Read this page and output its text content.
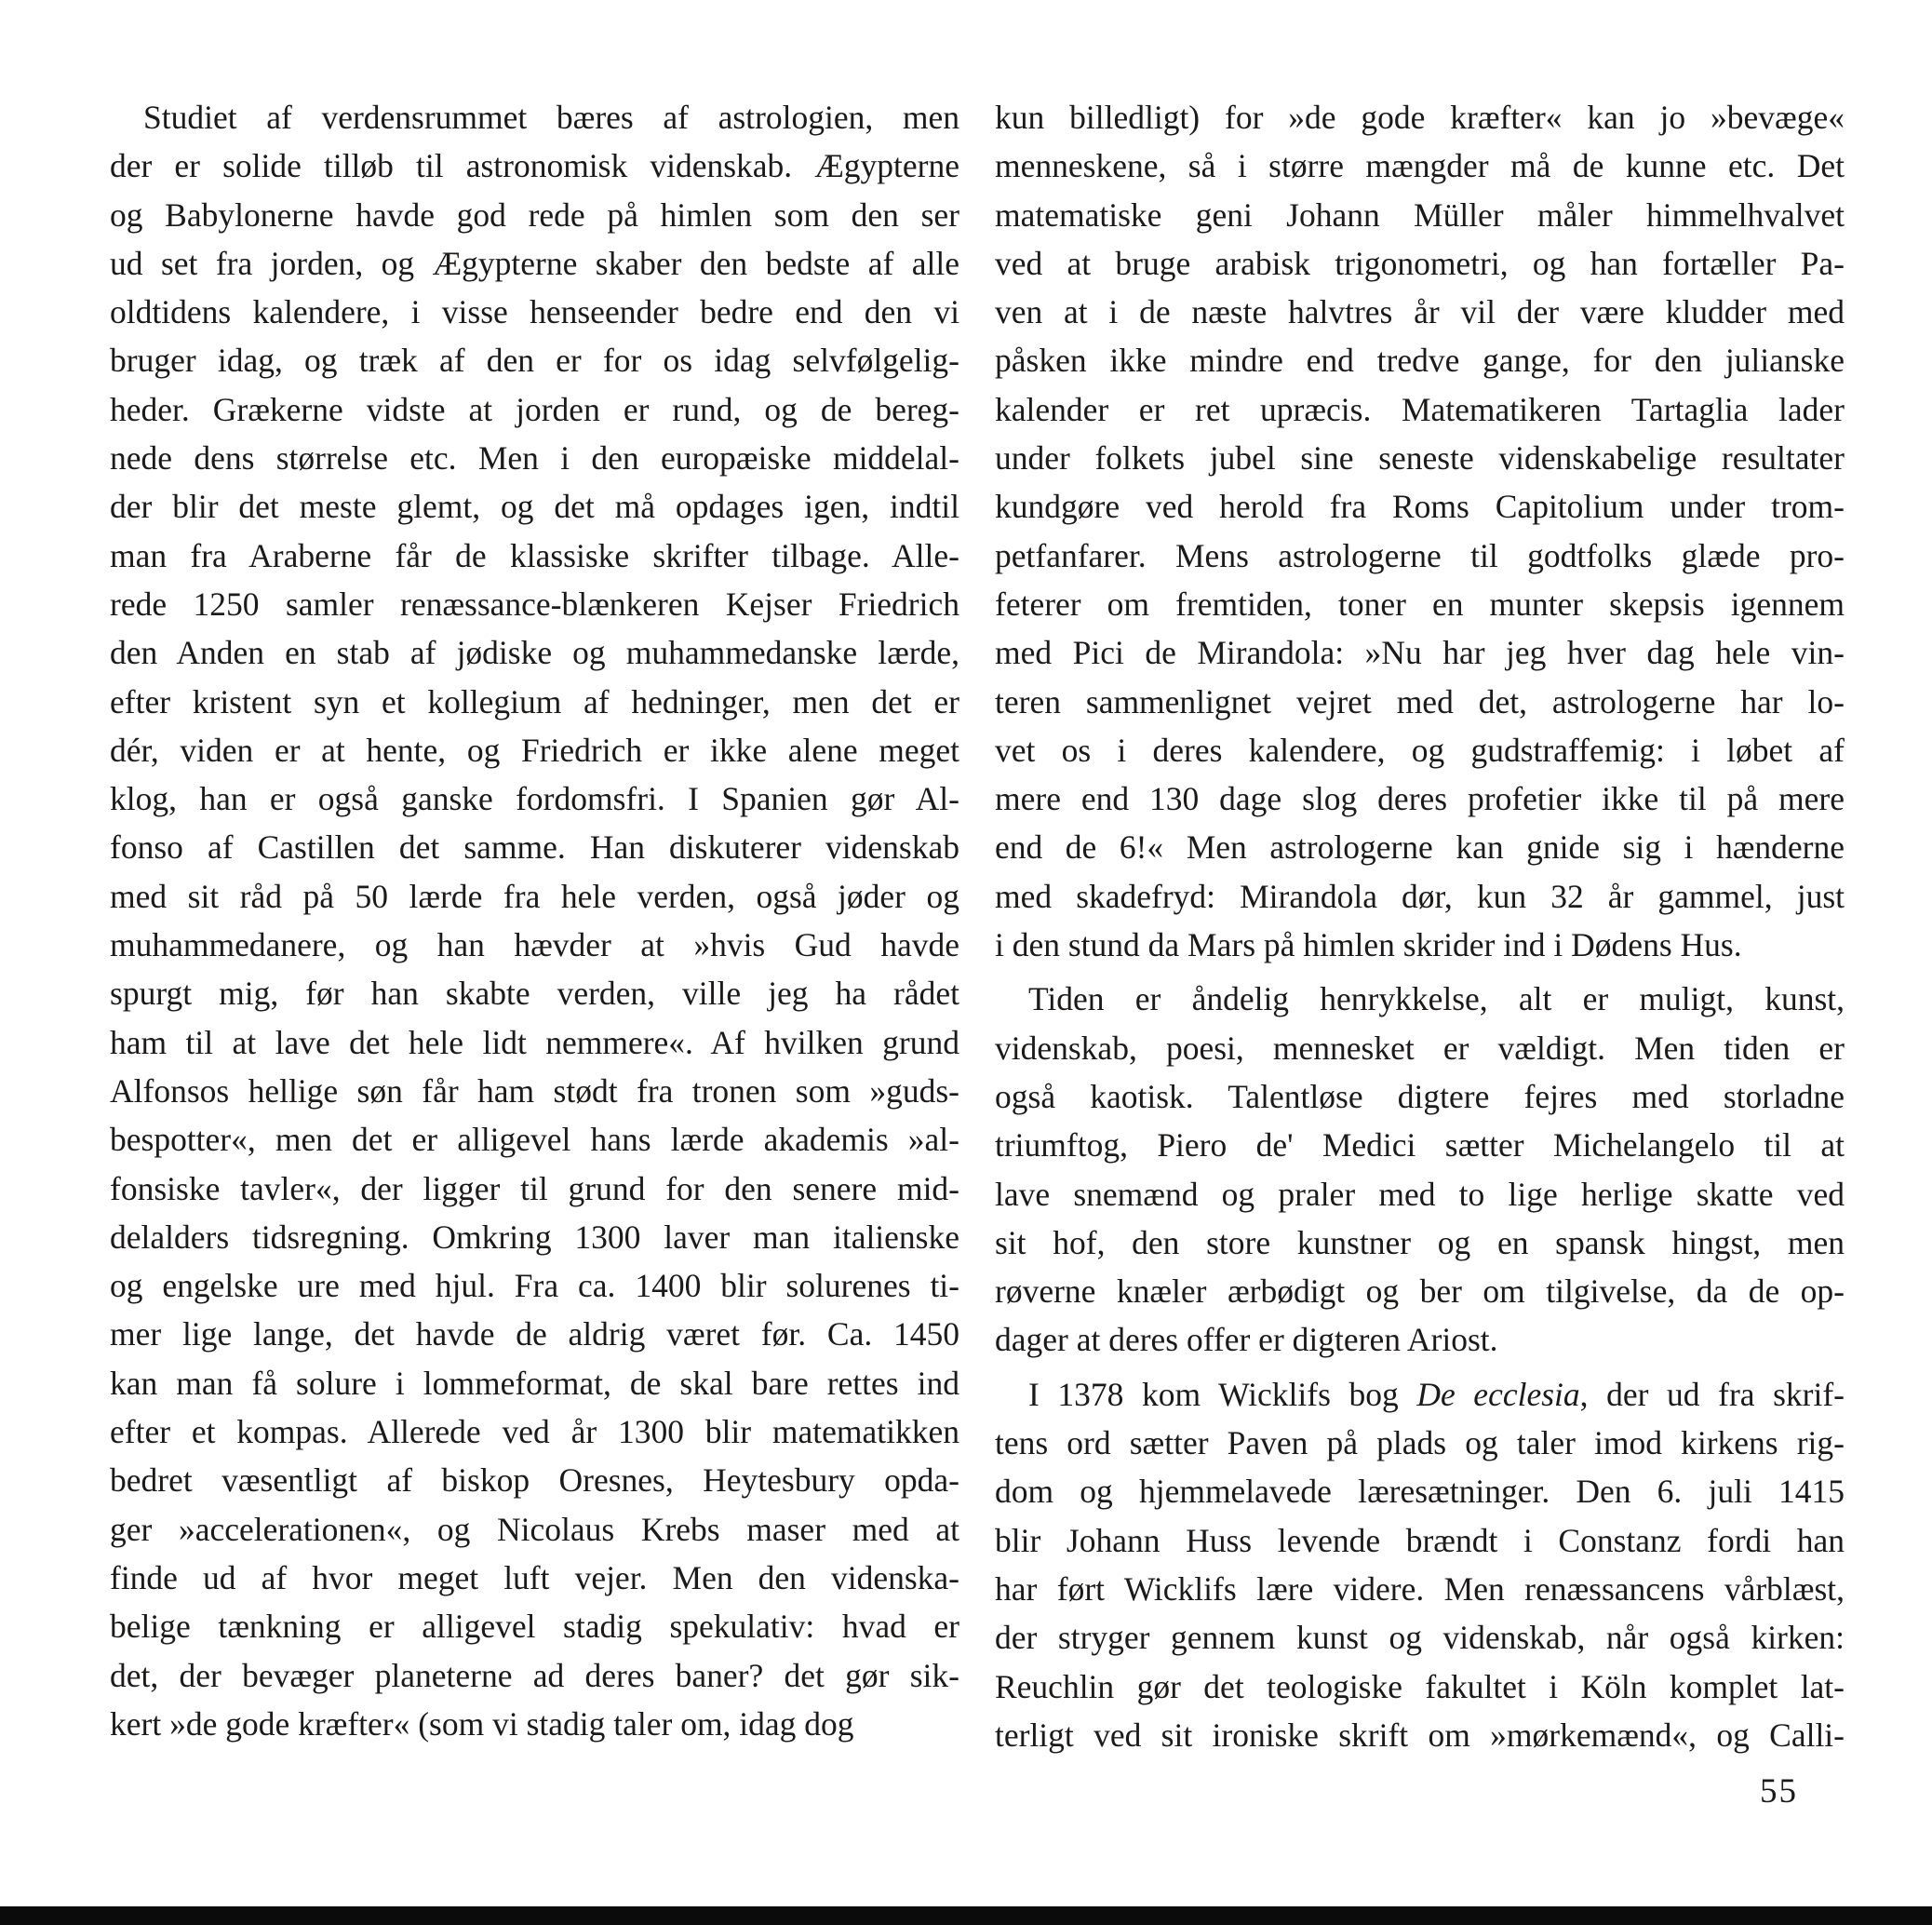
Studiet af verdensrummet bæres af astrologien, men
der er solide tilløb til astronomisk videnskab. Ægypterne
og Babylonerne havde god rede på himlen som den ser
ud set fra jorden, og Ægypterne skaber den bedste af alle
oldtidens kalendere, i visse henseender bedre end den vi
bruger idag, og træk af den er for os idag selvfølgelig-
heder. Grækerne vidste at jorden er rund, og de bereg-
nede dens størrelse etc. Men i den europæiske middelal-
der blir det meste glemt, og det må opdages igen, indtil
man fra Araberne får de klassiske skrifter tilbage. Alle-
rede 1250 samler renæssance-blænkeren Kejser Friedrich
den Anden en stab af jødiske og muhammedanske lærde,
efter kristent syn et kollegium af hedninger, men det er
dér, viden er at hente, og Friedrich er ikke alene meget
klog, han er også ganske fordomsfri. I Spanien gør Al-
fonso af Castillen det samme. Han diskuterer videnskab
med sit råd på 50 lærde fra hele verden, også jøder og
muhammedanere, og han hævder at »hvis Gud havde
spurgt mig, før han skabte verden, ville jeg ha rådet
ham til at lave det hele lidt nemmere«. Af hvilken grund
Alfonsos hellige søn får ham stødt fra tronen som »guds-
bespotter«, men det er alligevel hans lærde akademis »al-
fonsiske tavler«, der ligger til grund for den senere mid-
delalders tidsregning. Omkring 1300 laver man italienske
og engelske ure med hjul. Fra ca. 1400 blir solurenes ti-
mer lige lange, det havde de aldrig været før. Ca. 1450
kan man få solure i lommeformat, de skal bare rettes ind
efter et kompas. Allerede ved år 1300 blir matematikken
bedret væsentligt af biskop Oresnes, Heytesbury opda-
ger »accelerationen«, og Nicolaus Krebs maser med at
finde ud af hvor meget luft vejer. Men den videnska-
belige tænkning er alligevel stadig spekulativ: hvad er
det, der bevæger planeterne ad deres baner? det gør sik-
kert »de gode kræfter« (som vi stadig taler om, idag dog
kun billedligt) for »de gode kræfter« kan jo »bevæge«
menneskene, så i større mængder må de kunne etc. Det
matematiske geni Johann Müller måler himmelhvalvet
ved at bruge arabisk trigonometri, og han fortæller Pa-
ven at i de næste halvtres år vil der være kludder med
påsken ikke mindre end tredve gange, for den julianske
kalender er ret upræcis. Matematikeren Tartaglia lader
under folkets jubel sine seneste videnskabelige resultater
kundgøre ved herold fra Roms Capitolium under trom-
petfanfarer. Mens astrologerne til godtfolks glæde pro-
feterer om fremtiden, toner en munter skepsis igennem
med Pici de Mirandola: »Nu har jeg hver dag hele vin-
teren sammenlignet vejret med det, astrologerne har lo-
vet os i deres kalendere, og gudstraffemig: i løbet af
mere end 130 dage slog deres profetier ikke til på mere
end de 6!« Men astrologerne kan gnide sig i hænderne
med skadefryd: Mirandola dør, kun 32 år gammel, just
i den stund da Mars på himlen skrider ind i Dødens Hus.
Tiden er åndelig henrykkelse, alt er muligt, kunst,
videnskab, poesi, mennesket er vældigt. Men tiden er
også kaotisk. Talentløse digtere fejres med storladne
triumftog, Piero de' Medici sætter Michelangelo til at
lave snemænd og praler med to lige herlige skatte ved
sit hof, den store kunstner og en spansk hingst, men
røverne knæler ærbødigt og ber om tilgivelse, da de op-
dager at deres offer er digteren Ariost.
I 1378 kom Wicklifs bog De ecclesia, der ud fra skrif-
tens ord sætter Paven på plads og taler imod kirkens rig-
dom og hjemmelavede læresætninger. Den 6. juli 1415
blir Johann Huss levende brændt i Constanz fordi han
har ført Wicklifs lære videre. Men renæssancens vårblæst,
der stryger gennem kunst og videnskab, når også kirken:
Reuchlin gør det teologiske fakultet i Köln komplet lat-
terligt ved sit ironiske skrift om »mørkemænd«, og Calli-
55
